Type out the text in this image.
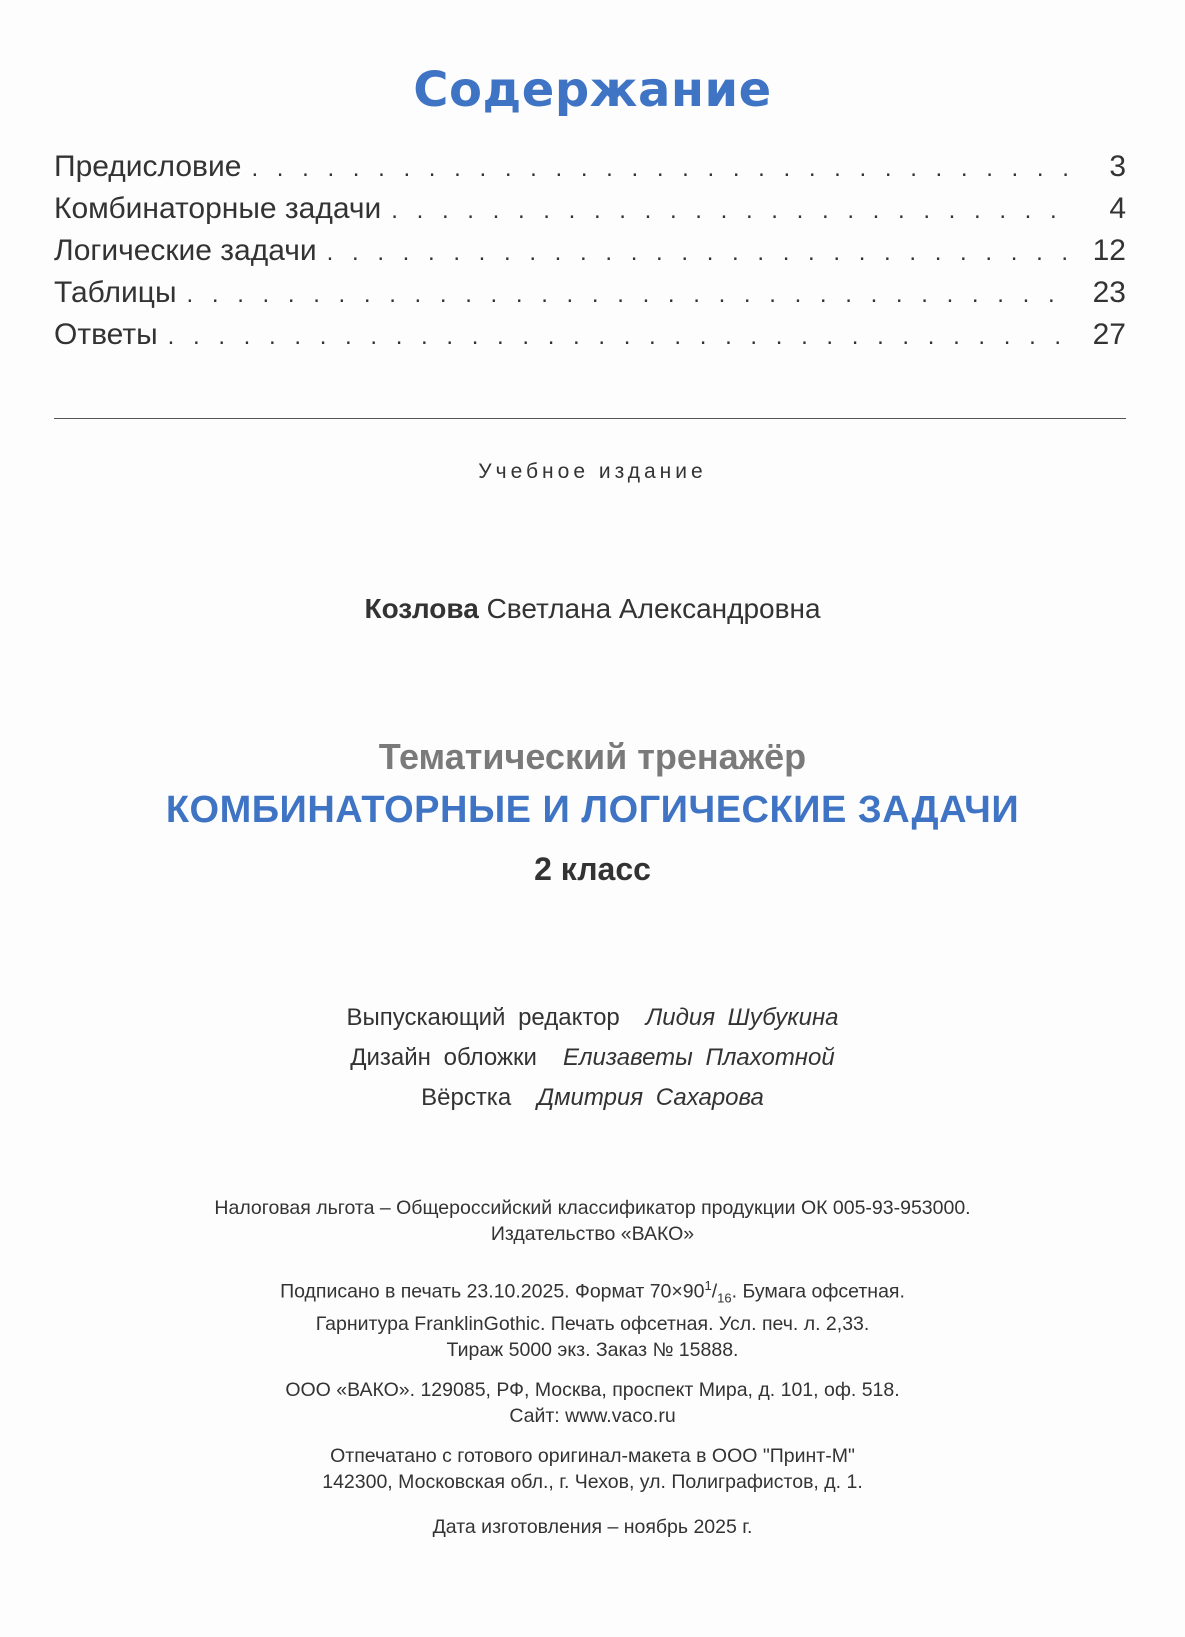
Содержание
Предисловие . . .	3
Комбинаторные задачи . . .	4
Логические задачи . . .	12
Таблицы . . .	23
Ответы . . .	27
Учебное издание
Козлова Светлана Александровна
Тематический тренажёр
КОМБИНАТОРНЫЕ И ЛОГИЧЕСКИЕ ЗАДАЧИ
2 класс
Выпускающий редактор Лидия Шубукина
Дизайн обложки Елизаветы Плахотной
Вёрстка Дмитрия Сахарова
Налоговая льгота – Общероссийский классификатор продукции ОК 005-93-953000.
Издательство «ВАКО»
Подписано в печать 23.10.2025. Формат $70\times 90^1/_{16}$. Бумага офсетная.
Гарнитура FranklinGothic. Печать офсетная. Усл. печ. л. 2,33.
Тираж 5000 экз. Заказ № 15888.
ООО «ВАКО». 129085, РФ, Москва, проспект Мира, д. 101, оф. 518.
Сайт: www.vaco.ru
Отпечатано с готового оригинал-макета в ООО "Принт-М"
142300, Московская обл., г. Чехов, ул. Полиграфистов, д. 1.
Дата изготовления – ноябрь 2025 г.
